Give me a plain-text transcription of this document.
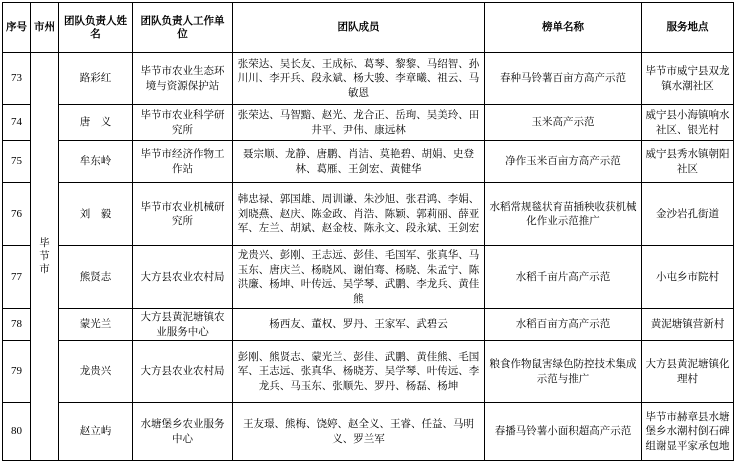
序号	市州	团队负责人姓名	团队负责人工作单位	团队成员	榜单名称	服务地点
73	毕节市	路彩红	毕节市农业生态环境与资源保护站	张荣达、吴长友、王成标、葛琴、黎黎、马绍智、孙川川、李开兵、段永斌、杨大骏、李章曦、祖云、马敏恩	春种马铃薯百亩方高产示范	毕节市威宁县双龙镇水潮社区
74		唐　义	毕节市农业科学研究所	张荣达、马智黯、赵光、龙合正、岳珣、吴美玲、田井平、尹伟、康远林	玉米高产示范	威宁县小海镇响水社区、银光村
75		牟东岭	毕节市经济作物工作站	聂宗顺、龙静、唐鹏、肖洁、莫艳碧、胡娟、史登林、葛雁、王剑宏、黄健华	净作玉米百亩方高产示范	威宁县秀水镇朝阳社区
76		刘　毅	毕节市农业机械研究所	韩忠禄、郭国雄、周训谦、朱沙旭、张君鸿、李娟、刘晓燕、赵庆、陈金政、肖浩、陈颖、郭莉丽、薛亚军、左兰、胡斌、赵金枝、陈永文、段永斌、王剑宏	水稻常规毯状育苗插秧收获机械化作业示范推广	金沙岩孔街道
77		熊贤志	大方县农业农村局	龙贵兴、彭刚、王志远、彭佳、毛国军、张真华、马玉东、唐庆兰、杨晓风、谢伯骞、杨晓、朱孟宁、陈洪廉、杨坤、叶传远、吴学琴、武鹏、李龙兵、黄佳熊	水稻千亩片高产示范	小屯乡市院村
78		蒙光兰	大方县黄泥塘镇农业服务中心	杨西友、董权、罗丹、王家军、武碧云	水稻百亩方高产示范	黄泥塘镇营新村
79		龙贵兴	大方县农业农村局	彭刚、熊贤志、蒙光兰、彭佳、武鹏、黄佳熊、毛国军、王志远、张真华、杨晓芳、吴学琴、叶传远、李龙兵、马玉东、张顺先、罗丹、杨磊、杨坤	粮食作物鼠害绿色防控技术集成示范与推广	大方县黄泥塘镇化理村
80		赵立屿	水塘堡乡农业服务中心	王友璟、熊梅、饶婷、赵全义、王睿、任益、马明义、罗兰军	春播马铃薯小面积超高产示范	毕节市赫章县水塘堡乡水潮村倒石碑组谢显平家承包地
